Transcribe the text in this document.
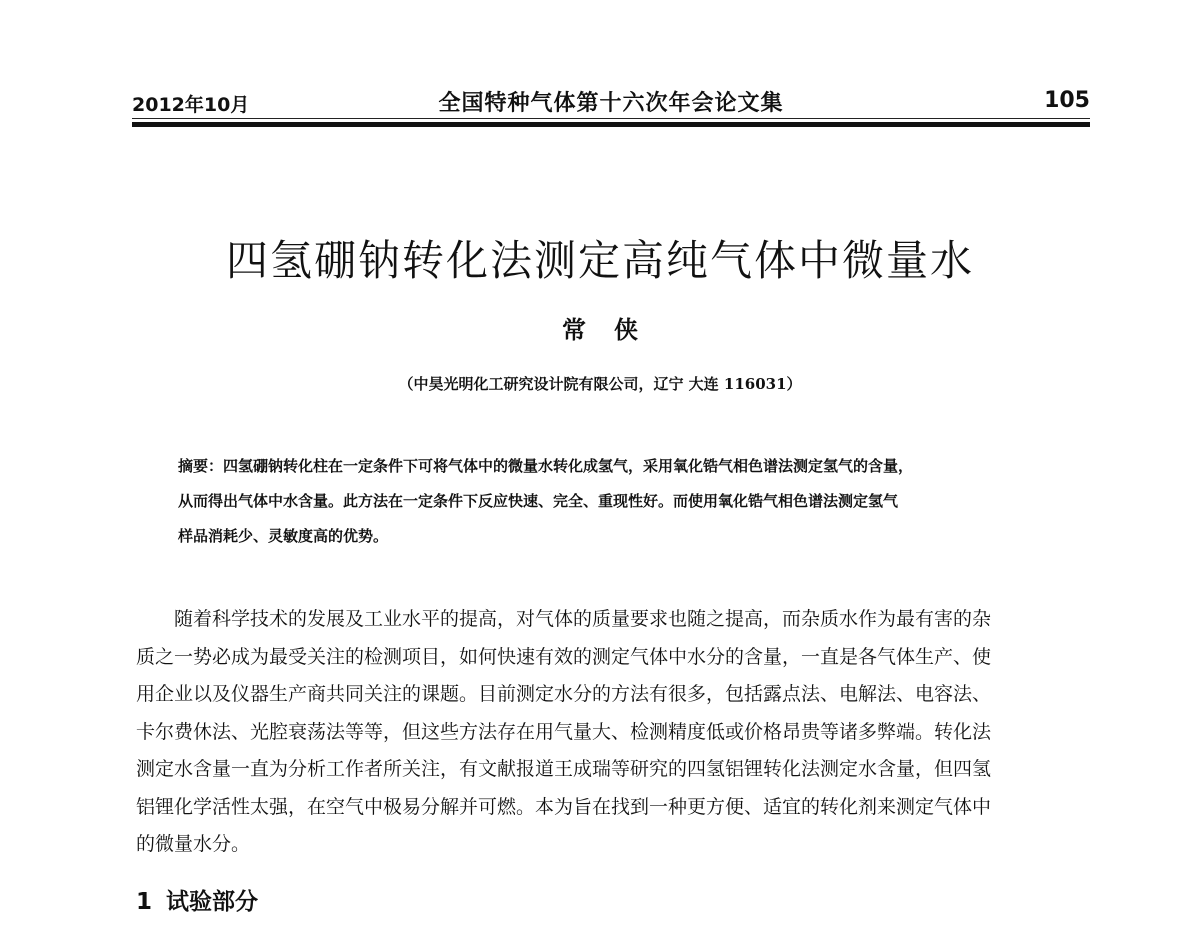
2012年10月	全国特种气体第十六次年会论文集	105
四氢硼钠转化法测定高纯气体中微量水
常侠
（中昊光明化工研究设计院有限公司，辽宁 大连 116031）
摘要：四氢硼钠转化柱在一定条件下可将气体中的微量水转化成氢气，采用氧化锆气相色谱法测定氢气的含量，
从而得出气体中水含量。此方法在一定条件下反应快速、完全、重现性好。而使用氧化锆气相色谱法测定氢气
样品消耗少、灵敏度高的优势。
随着科学技术的发展及工业水平的提高，对气体的质量要求也随之提高，而杂质水作为最有害的杂
质之一势必成为最受关注的检测项目，如何快速有效的测定气体中水分的含量，一直是各气体生产、使
用企业以及仪器生产商共同关注的课题。目前测定水分的方法有很多，包括露点法、电解法、电容法、
卡尔费休法、光腔衰荡法等等，但这些方法存在用气量大、检测精度低或价格昂贵等诸多弊端。转化法
测定水含量一直为分析工作者所关注，有文献报道王成瑞等研究的四氢铝锂转化法测定水含量，但四氢
铝锂化学活性太强，在空气中极易分解并可燃。本为旨在找到一种更方便、适宜的转化剂来测定气体中
的微量水分。
1 试验部分
